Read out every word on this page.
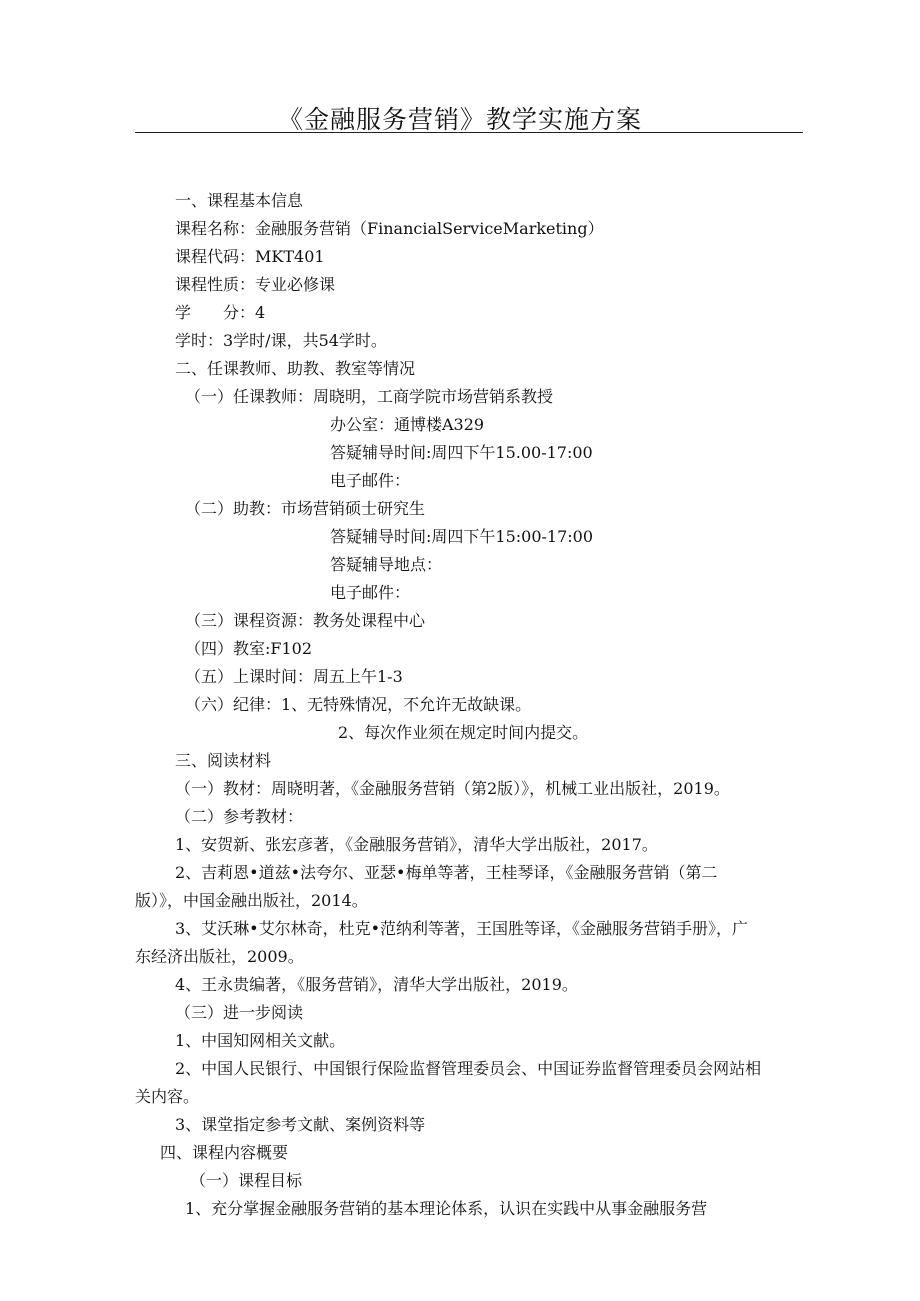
《金融服务营销》教学实施方案
一、课程基本信息
课程名称：金融服务营销（FinancialServiceMarketing）
课程代码：MKT401
课程性质：专业必修课
学　　分：4
学时：3学时/课，共54学时。
二、任课教师、助教、教室等情况
（一）任课教师：周晓明，工商学院市场营销系教授
办公室：通博楼A329
答疑辅导时间:周四下午15.00-17:00
电子邮件：
（二）助教：市场营销硕士研究生
答疑辅导时间:周四下午15:00-17:00
答疑辅导地点：
电子邮件：
（三）课程资源：教务处课程中心
（四）教室:F102
（五）上课时间：周五上午1-3
（六）纪律：1、无特殊情况，不允许无故缺课。
2、每次作业须在规定时间内提交。
三、阅读材料
（一）教材：周晓明著，《金融服务营销（第2版）》，机械工业出版社，2019。
（二）参考教材：
1、安贺新、张宏彦著，《金融服务营销》，清华大学出版社，2017。
2、吉莉恩•道兹•法夸尔、亚瑟•梅单等著，王桂琴译，《金融服务营销（第二
版）》，中国金融出版社，2014。
3、艾沃琳•艾尔林奇，杜克•范纳利等著，王国胜等译，《金融服务营销手册》，广
东经济出版社，2009。
4、王永贵编著，《服务营销》，清华大学出版社，2019。
（三）进一步阅读
1、中国知网相关文献。
2、中国人民银行、中国银行保险监督管理委员会、中国证券监督管理委员会网站相
关内容。
3、课堂指定参考文献、案例资料等
四、课程内容概要
（一）课程目标
1、充分掌握金融服务营销的基本理论体系，认识在实践中从事金融服务营
